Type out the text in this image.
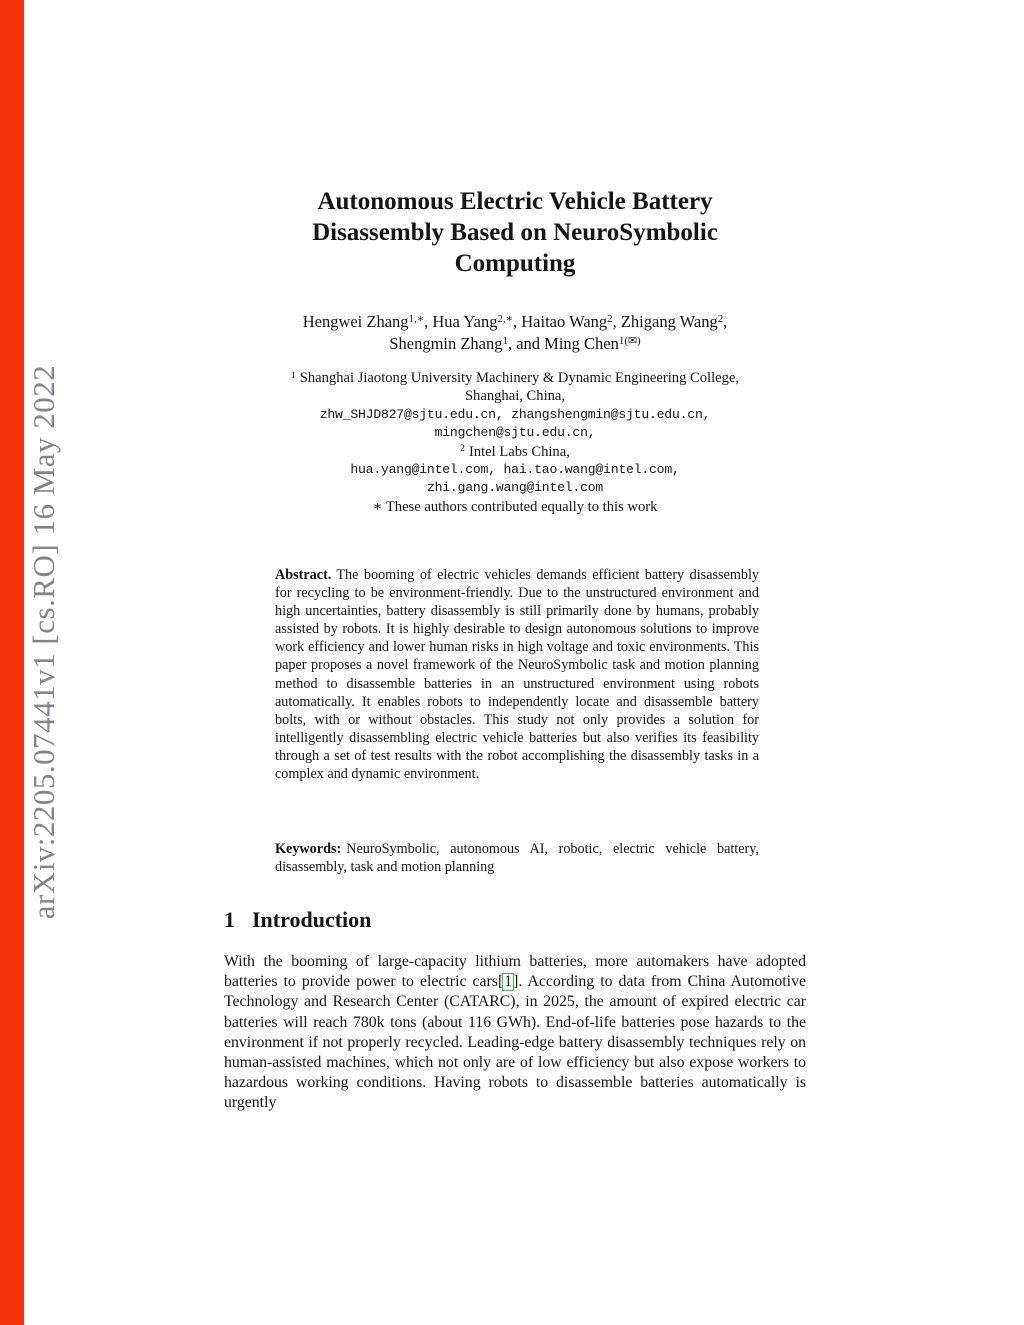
arXiv:2205.07441v1 [cs.RO] 16 May 2022
Autonomous Electric Vehicle Battery
Disassembly Based on NeuroSymbolic
Computing
Hengwei Zhang$^{1,∗}$, Hua Yang$^{2,∗}$, Haitao Wang$^2$, Zhigang Wang$^2$,
Shengmin Zhang$^1$, and Ming Chen$^{1(✉)}$
$^1$ Shanghai Jiaotong University Machinery & Dynamic Engineering College,
Shanghai, China,
zhw_SHJD827@sjtu.edu.cn, zhangshengmin@sjtu.edu.cn,
mingchen@sjtu.edu.cn,
$^2$ Intel Labs China,
hua.yang@intel.com, hai.tao.wang@intel.com,
zhi.gang.wang@intel.com
∗ These authors contributed equally to this work

Abstract. The booming of electric vehicles demands efficient battery disassembly for recycling to be environment-friendly. Due to the unstructured environment and high uncertainties, battery disassembly is still primarily done by humans, probably assisted by robots. It is highly desirable to design autonomous solutions to improve work efficiency and lower human risks in high voltage and toxic environments. This paper proposes a novel framework of the NeuroSymbolic task and motion planning method to disassemble batteries in an unstructured environment using robots automatically. It enables robots to independently locate and disassemble battery bolts, with or without obstacles. This study not only provides a solution for intelligently disassembling electric vehicle batteries but also verifies its feasibility through a set of test results with the robot accomplishing the disassembly tasks in a complex and dynamic environment.

Keywords: NeuroSymbolic, autonomous AI, robotic, electric vehicle battery, disassembly, task and motion planning

1 Introduction

With the booming of large-capacity lithium batteries, more automakers have adopted batteries to provide power to electric cars[1]. According to data from China Automotive Technology and Research Center (CATARC), in 2025, the amount of expired electric car batteries will reach 780k tons (about 116 GWh). End-of-life batteries pose hazards to the environment if not properly recycled. Leading-edge battery disassembly techniques rely on human-assisted machines, which not only are of low efficiency but also expose workers to hazardous working conditions. Having robots to disassemble batteries automatically is urgently
